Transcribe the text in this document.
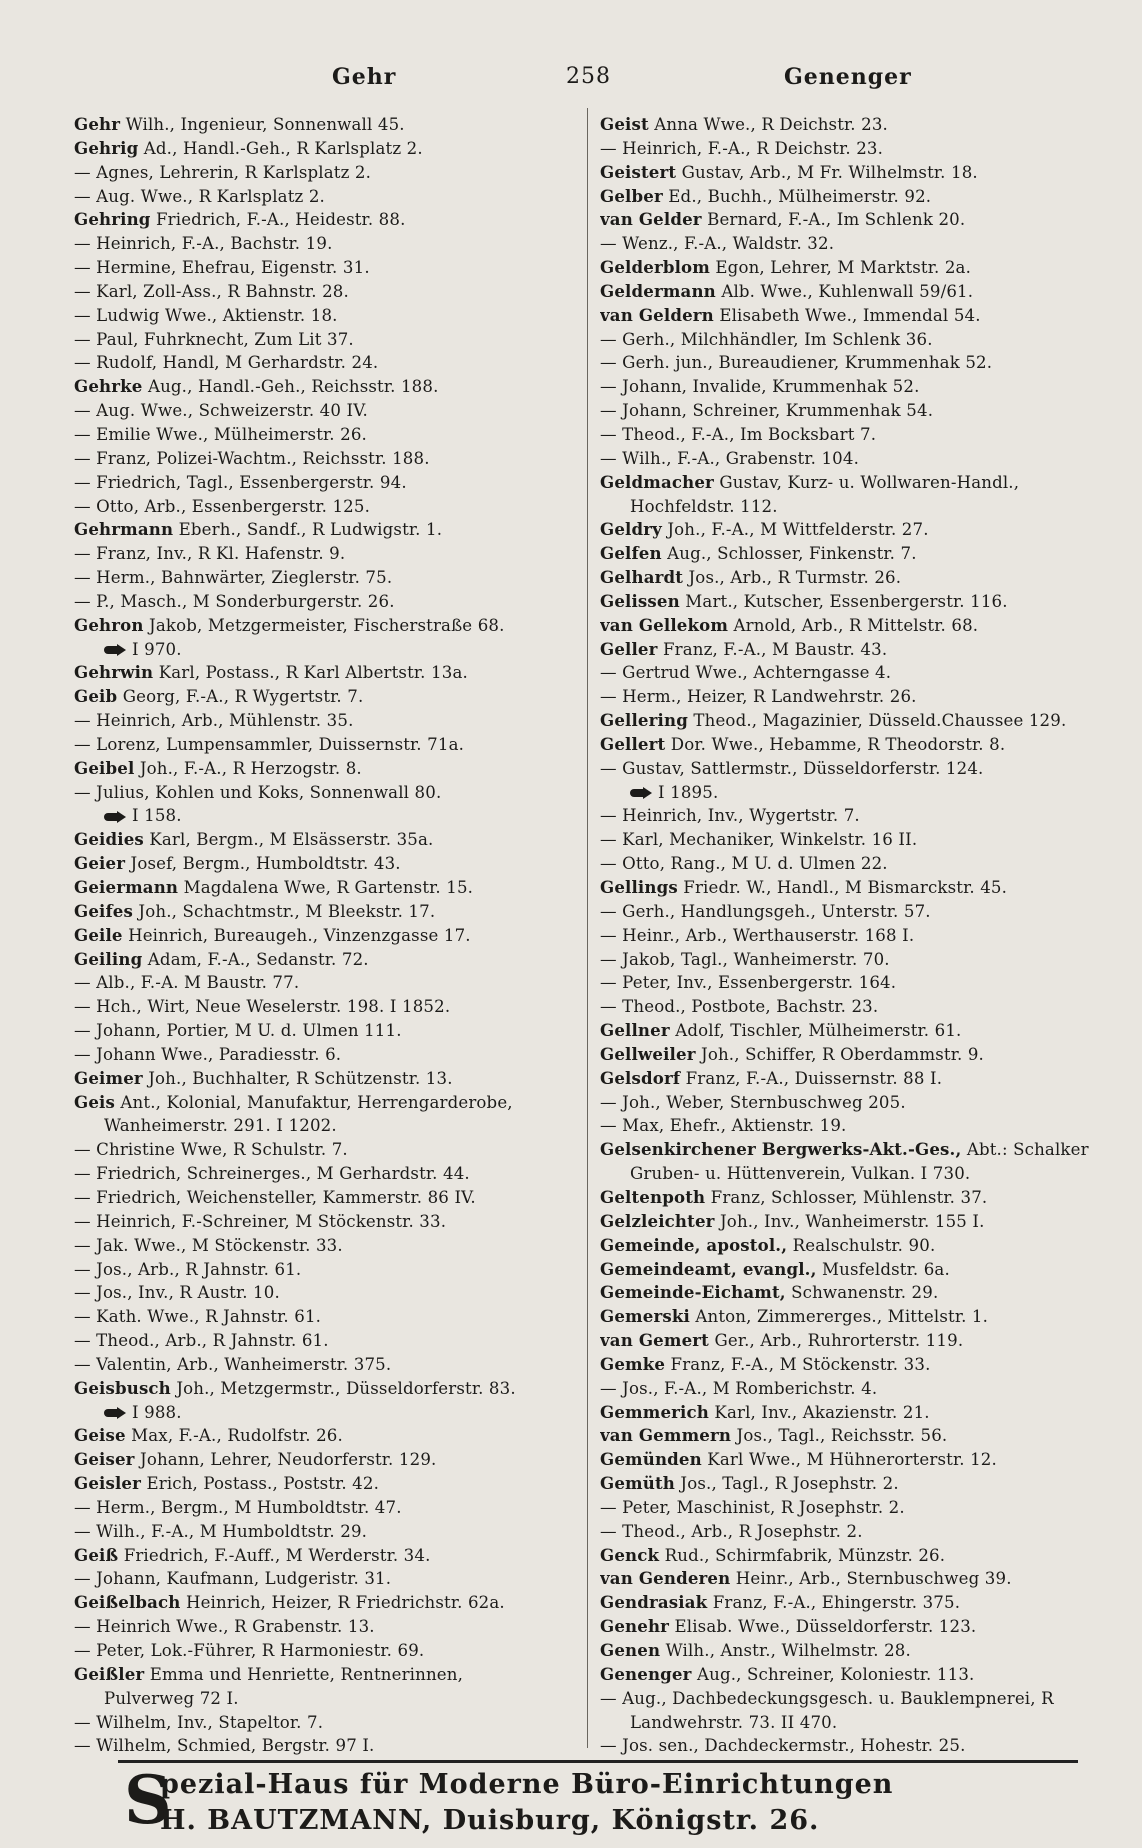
Gehr	258	Genenger
Gehr Wilh., Ingenieur, Sonnenwall 45.
Gehrig Ad., Handl.-Geh., R Karlsplatz 2.
— Agnes, Lehrerin, R Karlsplatz 2.
— Aug. Wwe., R Karlsplatz 2.
Gehring Friedrich, F.-A., Heidestr. 88.
— Heinrich, F.-A., Bachstr. 19.
— Hermine, Ehefrau, Eigenstr. 31.
— Karl, Zoll-Ass., R Bahnstr. 28.
— Ludwig Wwe., Aktienstr. 18.
— Paul, Fuhrknecht, Zum Lit 37.
— Rudolf, Handl, M Gerhardstr. 24.
Gehrke Aug., Handl.-Geh., Reichsstr. 188.
— Aug. Wwe., Schweizerstr. 40 IV.
— Emilie Wwe., Mülheimerstr. 26.
— Franz, Polizei-Wachtm., Reichsstr. 188.
— Friedrich, Tagl., Essenbergerstr. 94.
— Otto, Arb., Essenbergerstr. 125.
Gehrmann Eberh., Sandf., R Ludwigstr. 1.
— Franz, Inv., R Kl. Hafenstr. 9.
— Herm., Bahnwärter, Zieglerstr. 75.
— P., Masch., M Sonderburgerstr. 26.
Gehron Jakob, Metzgermeister, Fischerstraße 68.
I 970.
Gehrwin Karl, Postass., R Karl Albertstr. 13a.
Geib Georg, F.-A., R Wygertstr. 7.
— Heinrich, Arb., Mühlenstr. 35.
— Lorenz, Lumpensammler, Duissernstr. 71a.
Geibel Joh., F.-A., R Herzogstr. 8.
— Julius, Kohlen und Koks, Sonnenwall 80.
I 158.
Geidies Karl, Bergm., M Elsässerstr. 35a.
Geier Josef, Bergm., Humboldtstr. 43.
Geiermann Magdalena Wwe, R Gartenstr. 15.
Geifes Joh., Schachtmstr., M Bleekstr. 17.
Geile Heinrich, Bureaugeh., Vinzenzgasse 17.
Geiling Adam, F.-A., Sedanstr. 72.
— Alb., F.-A. M Baustr. 77.
— Hch., Wirt, Neue Weselerstr. 198. I 1852.
— Johann, Portier, M U. d. Ulmen 111.
— Johann Wwe., Paradiesstr. 6.
Geimer Joh., Buchhalter, R Schützenstr. 13.
Geis Ant., Kolonial, Manufaktur, Herrengarderobe,
Wanheimerstr. 291. I 1202.
— Christine Wwe, R Schulstr. 7.
— Friedrich, Schreinerges., M Gerhardstr. 44.
— Friedrich, Weichensteller, Kammerstr. 86 IV.
— Heinrich, F.-Schreiner, M Stöckenstr. 33.
— Jak. Wwe., M Stöckenstr. 33.
— Jos., Arb., R Jahnstr. 61.
— Jos., Inv., R Austr. 10.
— Kath. Wwe., R Jahnstr. 61.
— Theod., Arb., R Jahnstr. 61.
— Valentin, Arb., Wanheimerstr. 375.
Geisbusch Joh., Metzgermstr., Düsseldorferstr. 83.
I 988.
Geise Max, F.-A., Rudolfstr. 26.
Geiser Johann, Lehrer, Neudorferstr. 129.
Geisler Erich, Postass., Poststr. 42.
— Herm., Bergm., M Humboldtstr. 47.
— Wilh., F.-A., M Humboldtstr. 29.
Geiß Friedrich, F.-Auff., M Werderstr. 34.
— Johann, Kaufmann, Ludgeristr. 31.
Geißelbach Heinrich, Heizer, R Friedrichstr. 62a.
— Heinrich Wwe., R Grabenstr. 13.
— Peter, Lok.-Führer, R Harmoniestr. 69.
Geißler Emma und Henriette, Rentnerinnen,
Pulverweg 72 I.
— Wilhelm, Inv., Stapeltor. 7.
— Wilhelm, Schmied, Bergstr. 97 I.
Geist Anna Wwe., R Deichstr. 23.
— Heinrich, F.-A., R Deichstr. 23.
Geistert Gustav, Arb., M Fr. Wilhelmstr. 18.
Gelber Ed., Buchh., Mülheimerstr. 92.
van Gelder Bernard, F.-A., Im Schlenk 20.
— Wenz., F.-A., Waldstr. 32.
Gelderblom Egon, Lehrer, M Marktstr. 2a.
Geldermann Alb. Wwe., Kuhlenwall 59/61.
van Geldern Elisabeth Wwe., Immendal 54.
— Gerh., Milchhändler, Im Schlenk 36.
— Gerh. jun., Bureaudiener, Krummenhak 52.
— Johann, Invalide, Krummenhak 52.
— Johann, Schreiner, Krummenhak 54.
— Theod., F.-A., Im Bocksbart 7.
— Wilh., F.-A., Grabenstr. 104.
Geldmacher Gustav, Kurz- u. Wollwaren-Handl.,
Hochfeldstr. 112.
Geldry Joh., F.-A., M Wittfelderstr. 27.
Gelfen Aug., Schlosser, Finkenstr. 7.
Gelhardt Jos., Arb., R Turmstr. 26.
Gelissen Mart., Kutscher, Essenbergerstr. 116.
van Gellekom Arnold, Arb., R Mittelstr. 68.
Geller Franz, F.-A., M Baustr. 43.
— Gertrud Wwe., Achterngasse 4.
— Herm., Heizer, R Landwehrstr. 26.
Gellering Theod., Magazinier, Düsseld.Chaussee 129.
Gellert Dor. Wwe., Hebamme, R Theodorstr. 8.
— Gustav, Sattlermstr., Düsseldorferstr. 124.
I 1895.
— Heinrich, Inv., Wygertstr. 7.
— Karl, Mechaniker, Winkelstr. 16 II.
— Otto, Rang., M U. d. Ulmen 22.
Gellings Friedr. W., Handl., M Bismarckstr. 45.
— Gerh., Handlungsgeh., Unterstr. 57.
— Heinr., Arb., Werthauserstr. 168 I.
— Jakob, Tagl., Wanheimerstr. 70.
— Peter, Inv., Essenbergerstr. 164.
— Theod., Postbote, Bachstr. 23.
Gellner Adolf, Tischler, Mülheimerstr. 61.
Gellweiler Joh., Schiffer, R Oberdammstr. 9.
Gelsdorf Franz, F.-A., Duissernstr. 88 I.
— Joh., Weber, Sternbuschweg 205.
— Max, Ehefr., Aktienstr. 19.
Gelsenkirchener Bergwerks-Akt.-Ges., Abt.: Schalker
Gruben- u. Hüttenverein, Vulkan. I 730.
Geltenpoth Franz, Schlosser, Mühlenstr. 37.
Gelzleichter Joh., Inv., Wanheimerstr. 155 I.
Gemeinde, apostol., Realschulstr. 90.
Gemeindeamt, evangl., Musfeldstr. 6a.
Gemeinde-Eichamt, Schwanenstr. 29.
Gemerski Anton, Zimmererges., Mittelstr. 1.
van Gemert Ger., Arb., Ruhrorterstr. 119.
Gemke Franz, F.-A., M Stöckenstr. 33.
— Jos., F.-A., M Romberichstr. 4.
Gemmerich Karl, Inv., Akazienstr. 21.
van Gemmern Jos., Tagl., Reichsstr. 56.
Gemünden Karl Wwe., M Hühnerorterstr. 12.
Gemüth Jos., Tagl., R Josephstr. 2.
— Peter, Maschinist, R Josephstr. 2.
— Theod., Arb., R Josephstr. 2.
Genck Rud., Schirmfabrik, Münzstr. 26.
van Genderen Heinr., Arb., Sternbuschweg 39.
Gendrasiak Franz, F.-A., Ehingerstr. 375.
Genehr Elisab. Wwe., Düsseldorferstr. 123.
Genen Wilh., Anstr., Wilhelmstr. 28.
Genenger Aug., Schreiner, Koloniestr. 113.
— Aug., Dachbedeckungsgesch. u. Bauklempnerei, R
Landwehrstr. 73. II 470.
— Jos. sen., Dachdeckermstr., Hohestr. 25.
S
pezial-Haus für Moderne Büro-Einrichtungen
H. BAUTZMANN, Duisburg, Königstr. 26.
